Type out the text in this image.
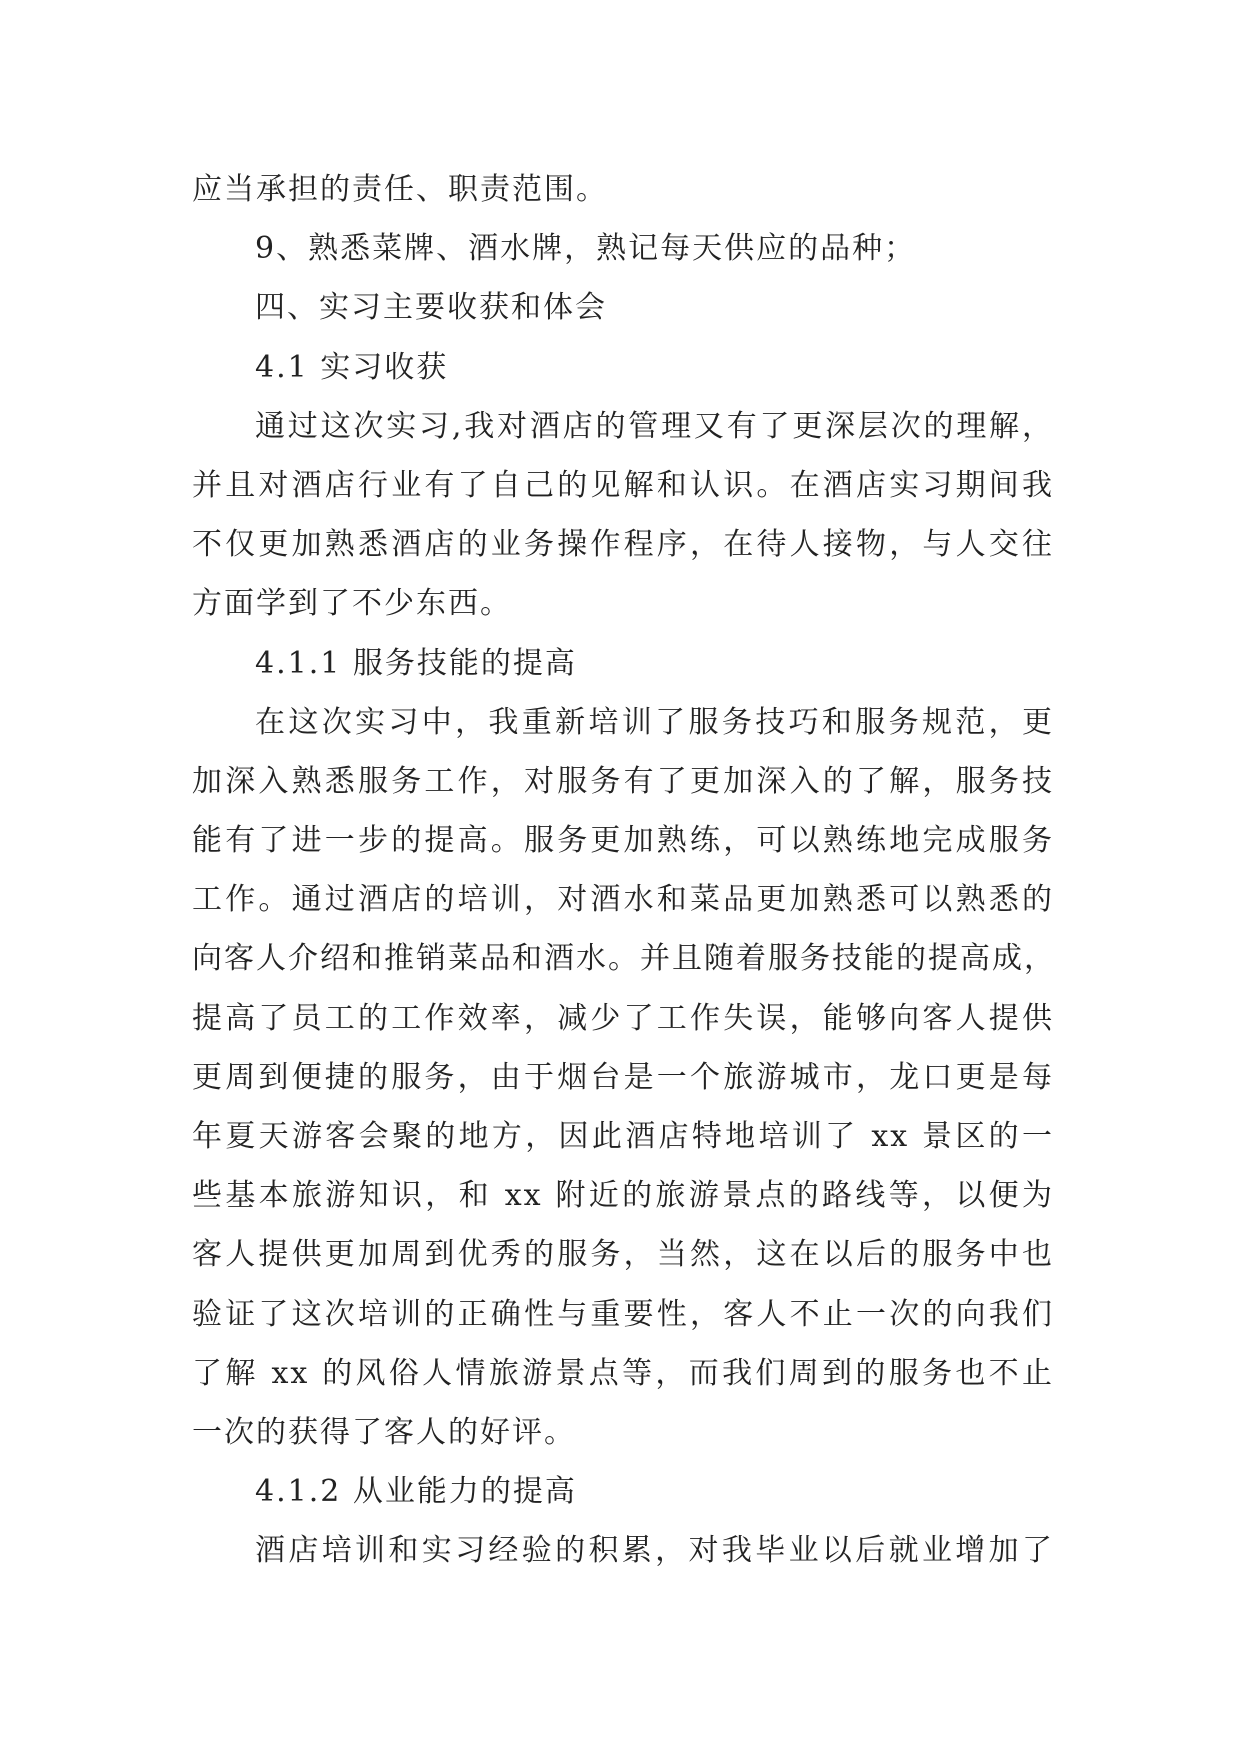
应当承担的责任、职责范围。
9、熟悉菜牌、酒水牌，熟记每天供应的品种；
四、实习主要收获和体会
4.1 实习收获
通过这次实习,我对酒店的管理又有了更深层次的理解，
并且对酒店行业有了自己的见解和认识。在酒店实习期间我
不仅更加熟悉酒店的业务操作程序，在待人接物，与人交往
方面学到了不少东西。
4.1.1 服务技能的提高
在这次实习中，我重新培训了服务技巧和服务规范，更
加深入熟悉服务工作，对服务有了更加深入的了解，服务技
能有了进一步的提高。服务更加熟练，可以熟练地完成服务
工作。通过酒店的培训，对酒水和菜品更加熟悉可以熟悉的
向客人介绍和推销菜品和酒水。并且随着服务技能的提高成，
提高了员工的工作效率，减少了工作失误，能够向客人提供
更周到便捷的服务，由于烟台是一个旅游城市，龙口更是每
年夏天游客会聚的地方，因此酒店特地培训了 xx 景区的一
些基本旅游知识，和 xx 附近的旅游景点的路线等，以便为
客人提供更加周到优秀的服务，当然，这在以后的服务中也
验证了这次培训的正确性与重要性，客人不止一次的向我们
了解 xx 的风俗人情旅游景点等，而我们周到的服务也不止
一次的获得了客人的好评。
4.1.2 从业能力的提高
酒店培训和实习经验的积累，对我毕业以后就业增加了
